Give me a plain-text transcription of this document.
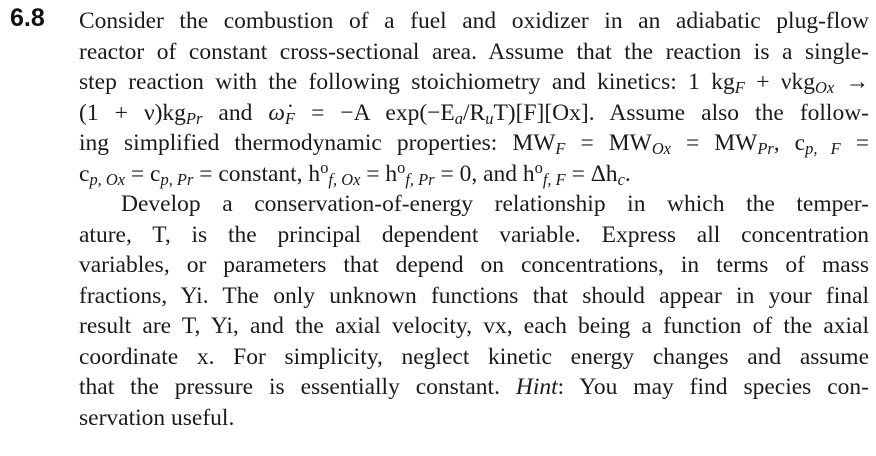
6.8 Consider the combustion of a fuel and oxidizer in an adiabatic plug-flow
reactor of constant cross-sectional area. Assume that the reaction is a single-
step reaction with the following stoichiometry and kinetics: 1 $kg_F + \nu kg_{Ox}$ →
$(1 + \nu)kg_{Pr}$ and $\omegȧ_F = -A$ $\exp(-E_a/R_uT)[F][Ox]$. Assume also the follow-
ing simplified thermodynamic properties: $MW_F = MW_{Ox} = MW_{Pr}$, $c_{p, F}$ =
$c_{p, Ox} = c_{p, Pr}$ = constant, $h^o_{f, Ox} = h^o_{f, Pr} = 0$, and $h^o_{f, F} = \Delta h_c$.
Develop a conservation-of-energy relationship in which the temper-
ature, T, is the principal dependent variable. Express all concentration
variables, or parameters that depend on concentrations, in terms of mass
fractions, Yi. The only unknown functions that should appear in your final
result are T, Yi, and the axial velocity, vx, each being a function of the axial
coordinate x. For simplicity, neglect kinetic energy changes and assume
that the pressure is essentially constant. Hint: You may find species con-
servation useful.
